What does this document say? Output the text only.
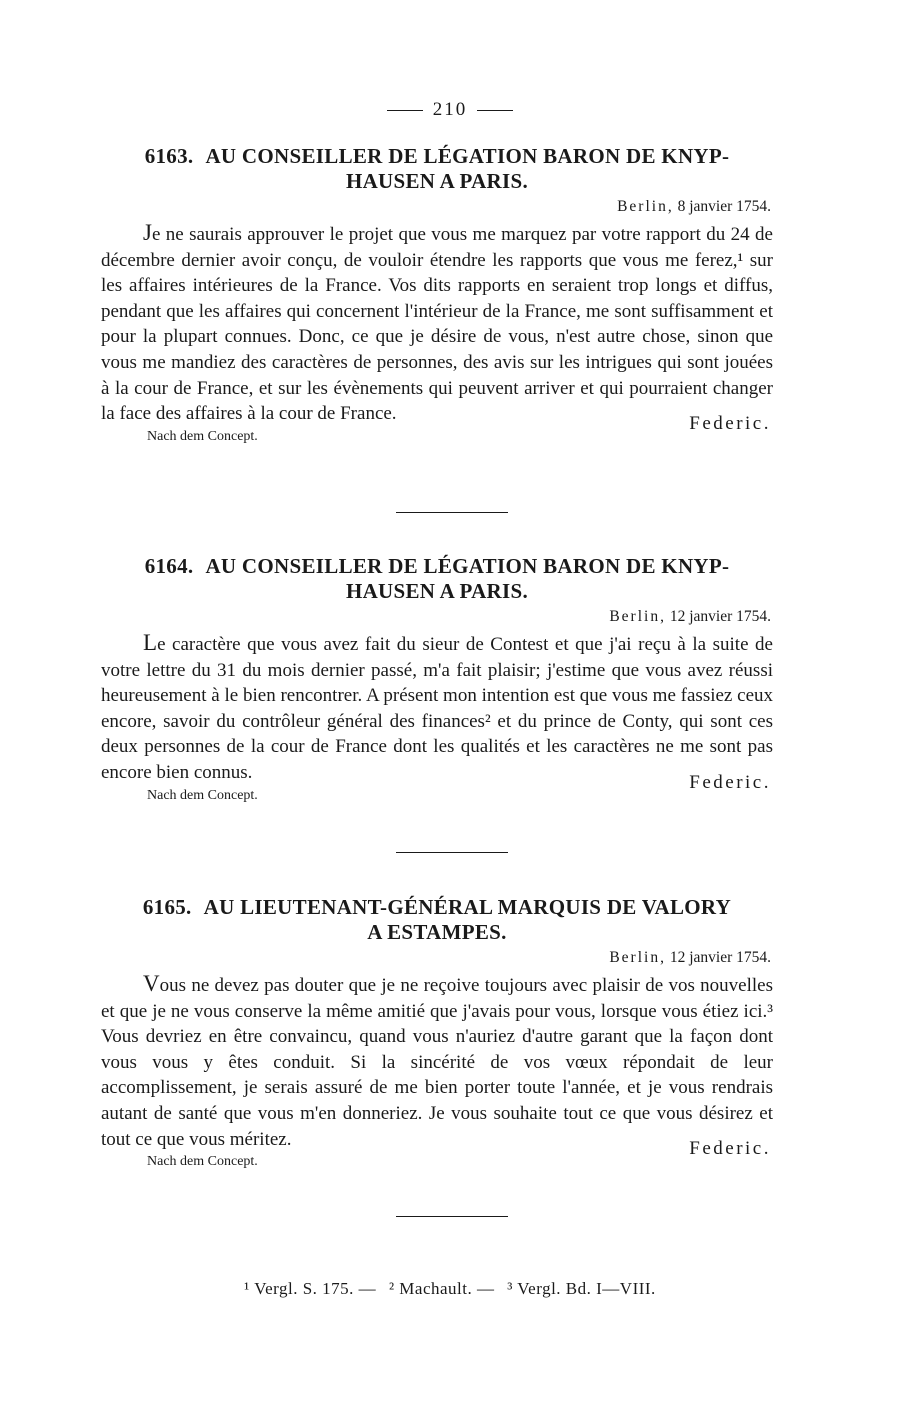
210
6163. AU CONSEILLER DE LÉGATION BARON DE KNYP-
HAUSEN A PARIS.
Berlin, 8 janvier 1754.

Je ne saurais approuver le projet que vous me marquez par votre rapport du 24 de décembre dernier avoir conçu, de vouloir étendre les rapports que vous me ferez,¹ sur les affaires intérieures de la France. Vos dits rapports en seraient trop longs et diffus, pendant que les affaires qui concernent l'intérieur de la France, me sont suffisamment et pour la plupart connues. Donc, ce que je désire de vous, n'est autre chose, sinon que vous me mandiez des caractères de personnes, des avis sur les intrigues qui sont jouées à la cour de France, et sur les évènements qui peuvent arriver et qui pourraient changer la face des affaires à la cour de France.	Federic.
Nach dem Concept.
6164. AU CONSEILLER DE LÉGATION BARON DE KNYP-
HAUSEN A PARIS.
Berlin, 12 janvier 1754.

Le caractère que vous avez fait du sieur de Contest et que j'ai reçu à la suite de votre lettre du 31 du mois dernier passé, m'a fait plaisir; j'estime que vous avez réussi heureusement à le bien rencontrer. A présent mon intention est que vous me fassiez ceux encore, savoir du contrôleur général des finances² et du prince de Conty, qui sont ces deux personnes de la cour de France dont les qualités et les caractères ne me sont pas encore bien connus.	Federic.
Nach dem Concept.
6165. AU LIEUTENANT-GÉNÉRAL MARQUIS DE VALORY
A ESTAMPES.
Berlin, 12 janvier 1754.

Vous ne devez pas douter que je ne reçoive toujours avec plaisir de vos nouvelles et que je ne vous conserve la même amitié que j'avais pour vous, lorsque vous étiez ici.³ Vous devriez en être convaincu, quand vous n'auriez d'autre garant que la façon dont vous vous y êtes conduit. Si la sincérité de vos vœux répondait de leur accomplissement, je serais assuré de me bien porter toute l'année, et je vous rendrais autant de santé que vous m'en donneriez. Je vous souhaite tout ce que vous désirez et tout ce que vous méritez.	Federic.
Nach dem Concept.
¹ Vergl. S. 175. — ² Machault. — ³ Vergl. Bd. I—VIII.
